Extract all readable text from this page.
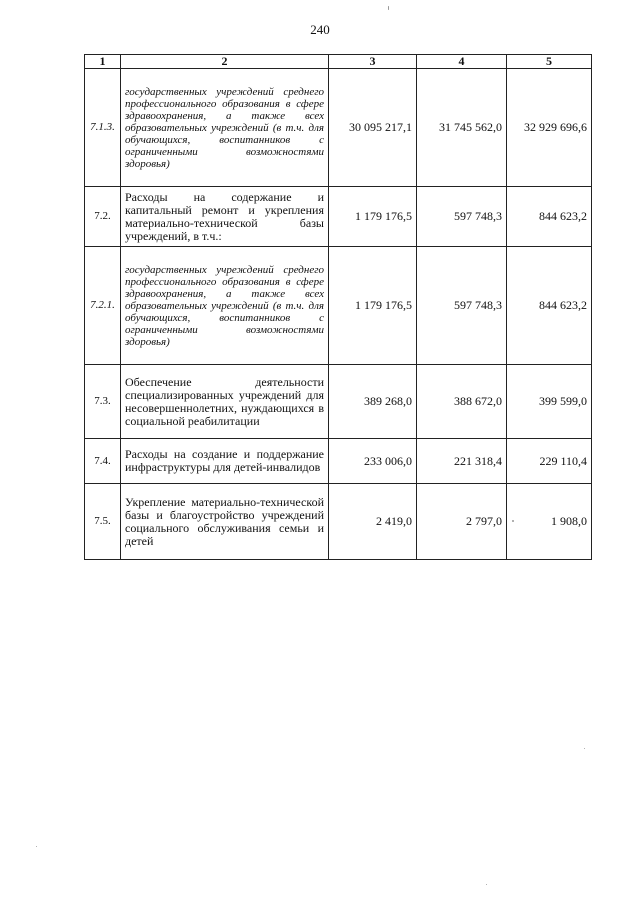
240
1	2	3	4	5
7.1.3.	государственных учреждений среднего профессионального образования в сфере здравоохранения, а также всех образовательных учреждений (в т.ч. для обучающихся, воспитанников с ограниченными возможностями здоровья)	30 095 217,1	31 745 562,0	32 929 696,6
7.2.	Расходы на содержание и капитальный ремонт и укрепления материально-технической базы учреждений, в т.ч.:	1 179 176,5	597 748,3	844 623,2
7.2.1.	государственных учреждений среднего профессионального образования в сфере здравоохранения, а также всех образовательных учреждений (в т.ч. для обучающихся, воспитанников с ограниченными возможностями здоровья)	1 179 176,5	597 748,3	844 623,2
7.3.	Обеспечение деятельности специализированных учреждений для несовершеннолетних, нуждающихся в социальной реабилитации	389 268,0	388 672,0	399 599,0
7.4.	Расходы на создание и поддержание инфраструктуры для детей-инвалидов	233 006,0	221 318,4	229 110,4
7.5.	Укрепление материально-технической базы и благоустройство учреждений социального обслуживания семьи и детей	2 419,0	2 797,0	1 908,0
